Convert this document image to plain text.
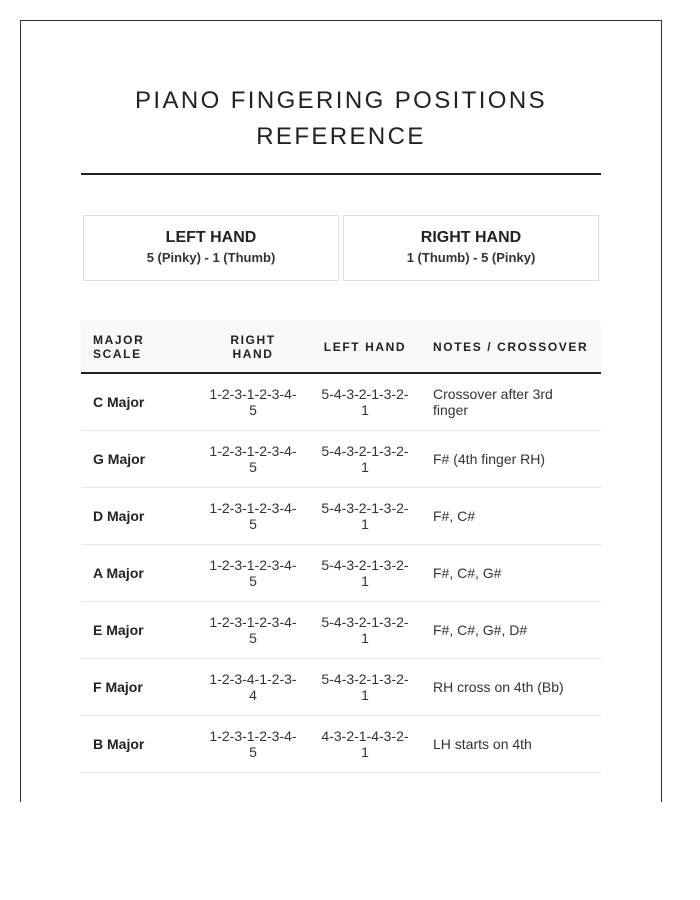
PIANO FINGERING POSITIONS REFERENCE
LEFT HAND
5 (Pinky) - 1 (Thumb)
RIGHT HAND
1 (Thumb) - 5 (Pinky)
MAJOR SCALE	RIGHT HAND	LEFT HAND	NOTES / CROSSOVER
C Major	1-2-3-1-2-3-4-5	5-4-3-2-1-3-2-1	Crossover after 3rd finger
G Major	1-2-3-1-2-3-4-5	5-4-3-2-1-3-2-1	F# (4th finger RH)
D Major	1-2-3-1-2-3-4-5	5-4-3-2-1-3-2-1	F#, C#
A Major	1-2-3-1-2-3-4-5	5-4-3-2-1-3-2-1	F#, C#, G#
E Major	1-2-3-1-2-3-4-5	5-4-3-2-1-3-2-1	F#, C#, G#, D#
F Major	1-2-3-4-1-2-3-4	5-4-3-2-1-3-2-1	RH cross on 4th (Bb)
B Major	1-2-3-1-2-3-4-5	4-3-2-1-4-3-2-1	LH starts on 4th
